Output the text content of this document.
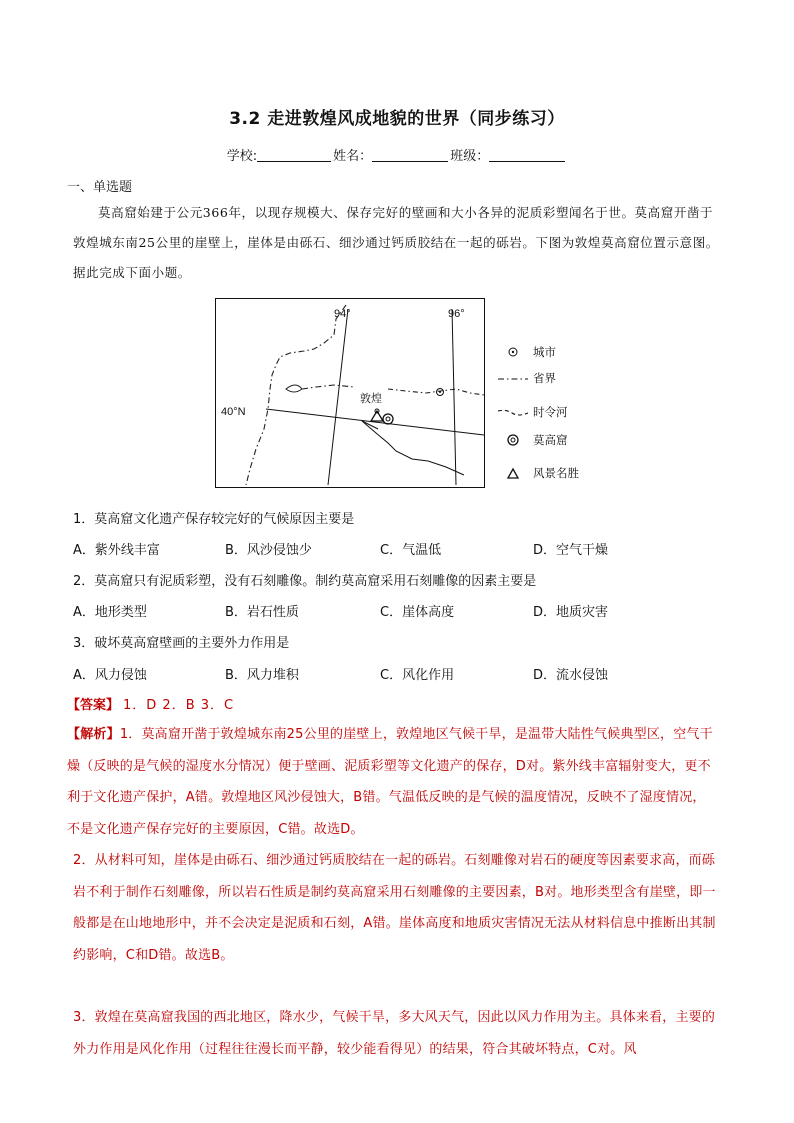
3.2 走进敦煌风成地貌的世界（同步练习）
学校:	姓名：	班级：
一、单选题
莫高窟始建于公元366年，以现存规模大、保存完好的壁画和大小各异的泥质彩塑闻名于世。莫高窟开凿于敦煌城东南25公里的崖壁上，崖体是由砾石、细沙通过钙质胶结在一起的砾岩。下图为敦煌莫高窟位置示意图。据此完成下面小题。
94°	96°
40°N
敦煌
城市
省界
时令河
莫高窟
风景名胜
1．莫高窟文化遗产保存较完好的气候原因主要是
A．紫外线丰富	B．风沙侵蚀少	C．气温低	D．空气干燥
2．莫高窟只有泥质彩塑，没有石刻雕像。制约莫高窟采用石刻雕像的因素主要是
A．地形类型	B．岩石性质	C．崖体高度	D．地质灾害
3．破坏莫高窟壁画的主要外力作用是
A．风力侵蚀	B．风力堆积	C．风化作用	D．流水侵蚀
【答案】 1．D 2．B 3．C
【解析】1．莫高窟开凿于敦煌城东南25公里的崖壁上，敦煌地区气候干旱，是温带大陆性气候典型区，空气干燥（反映的是气候的湿度水分情况）便于壁画、泥质彩塑等文化遗产的保存，D对。紫外线丰富辐射变大，更不利于文化遗产保护，A错。敦煌地区风沙侵蚀大，B错。气温低反映的是气候的温度情况，反映不了湿度情况，不是文化遗产保存完好的主要原因，C错。故选D。
2．从材料可知，崖体是由砾石、细沙通过钙质胶结在一起的砾岩。石刻雕像对岩石的硬度等因素要求高，而砾岩不利于制作石刻雕像，所以岩石性质是制约莫高窟采用石刻雕像的主要因素，B对。地形类型含有崖壁，即一般都是在山地地形中，并不会决定是泥质和石刻，A错。崖体高度和地质灾害情况无法从材料信息中推断出其制约影响，C和D错。故选B。
3．敦煌在莫高窟我国的西北地区，降水少，气候干旱，多大风天气，因此以风力作用为主。具体来看，主要的外力作用是风化作用（过程往往漫长而平静，较少能看得见）的结果，符合其破坏特点，C对。风
